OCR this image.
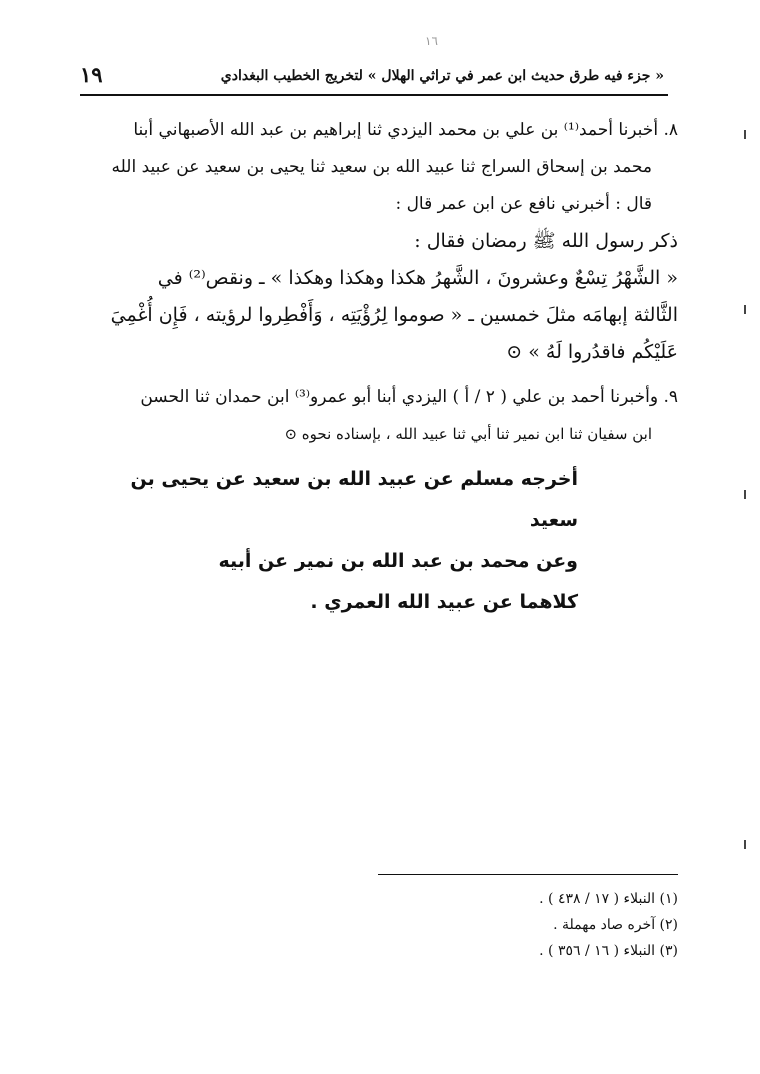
١٦
« جزء فيه طرق حديث ابن عمر في تراثي الهلال » لتخريج الخطيب البغدادي
١٩

٨. أخبرنا أحمد⁽¹⁾ بن علي بن محمد اليزدي ثنا إبراهيم بن عبد الله الأصبهاني أبنا

محمد بن إسحاق السراج ثنا عبيد الله بن سعيد ثنا يحيى بن سعيد عن عبيد الله

قال : أخبرني نافع عن ابن عمر قال :

ذكر رسول الله ﷺ رمضان فقال :

« الشَّهْرُ تِسْعٌ وعشرونَ ، الشَّهرُ هكذا وهكذا وهكذا » ـ ونقص⁽²⁾ في

الثَّالثة إبهامَه مثلَ خمسين ـ « صوموا لِرُؤْيَتِه ، وَأَفْطِروا لرؤيته ، فَإِن أُغْمِيَ

عَلَيْكُم فاقدُروا لَهُ » ⊙

٩. وأخبرنا أحمد بن علي ( ٢ / أ ) اليزدي أبنا أبو عمرو⁽³⁾ ابن حمدان ثنا الحسن

ابن سفيان ثنا ابن نمير ثنا أبي ثنا عبيد الله ، بإسناده نحوه ⊙

أخرجه مسلم عن عبيد الله بن سعيد عن يحيى بن سعيد

وعن محمد بن عبد الله بن نمير عن أبيه

كلاهما عن عبيد الله العمري .

(١) النبلاء ( ١٧ / ٤٣٨ ) .

(٢) آخره صاد مهملة .

(٣) النبلاء ( ١٦ / ٣٥٦ ) .
